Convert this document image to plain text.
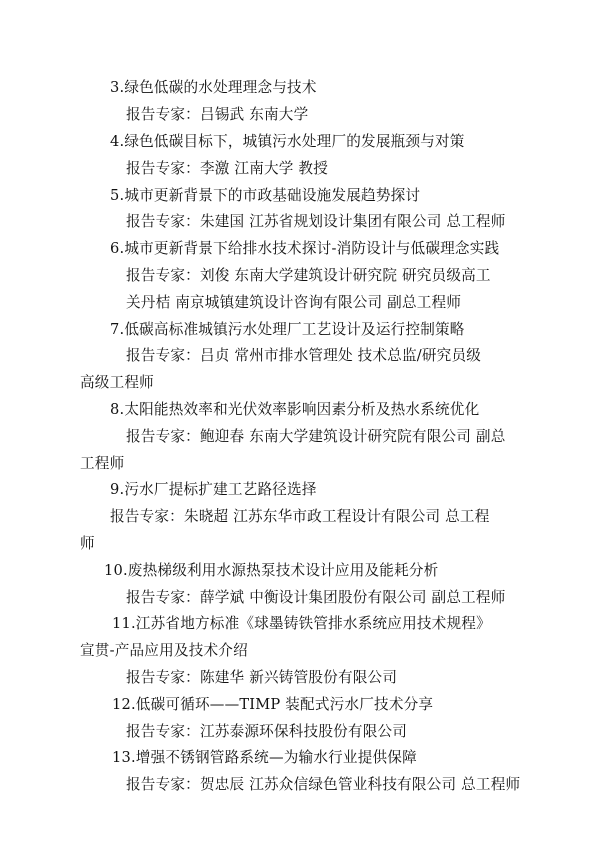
3.绿色低碳的水处理理念与技术
报告专家：吕锡武 东南大学
4.绿色低碳目标下，城镇污水处理厂的发展瓶颈与对策
报告专家：李激 江南大学 教授
5.城市更新背景下的市政基础设施发展趋势探讨
报告专家：朱建国 江苏省规划设计集团有限公司 总工程师
6.城市更新背景下给排水技术探讨-消防设计与低碳理念实践
报告专家：刘俊 东南大学建筑设计研究院 研究员级高工
关丹桔 南京城镇建筑设计咨询有限公司 副总工程师
7.低碳高标准城镇污水处理厂工艺设计及运行控制策略
报告专家：吕贞 常州市排水管理处 技术总监/研究员级
高级工程师
8.太阳能热效率和光伏效率影响因素分析及热水系统优化
报告专家：鲍迎春 东南大学建筑设计研究院有限公司 副总
工程师
9.污水厂提标扩建工艺路径选择
报告专家：朱晓超 江苏东华市政工程设计有限公司 总工程
师
10.废热梯级利用水源热泵技术设计应用及能耗分析
报告专家：薛学斌 中衡设计集团股份有限公司 副总工程师
11.江苏省地方标准《球墨铸铁管排水系统应用技术规程》
宣贯-产品应用及技术介绍
报告专家：陈建华 新兴铸管股份有限公司
12.低碳可循环——TIMP 装配式污水厂技术分享
报告专家：江苏泰源环保科技股份有限公司
13.增强不锈钢管路系统—为输水行业提供保障
报告专家：贺忠辰 江苏众信绿色管业科技有限公司 总工程师
